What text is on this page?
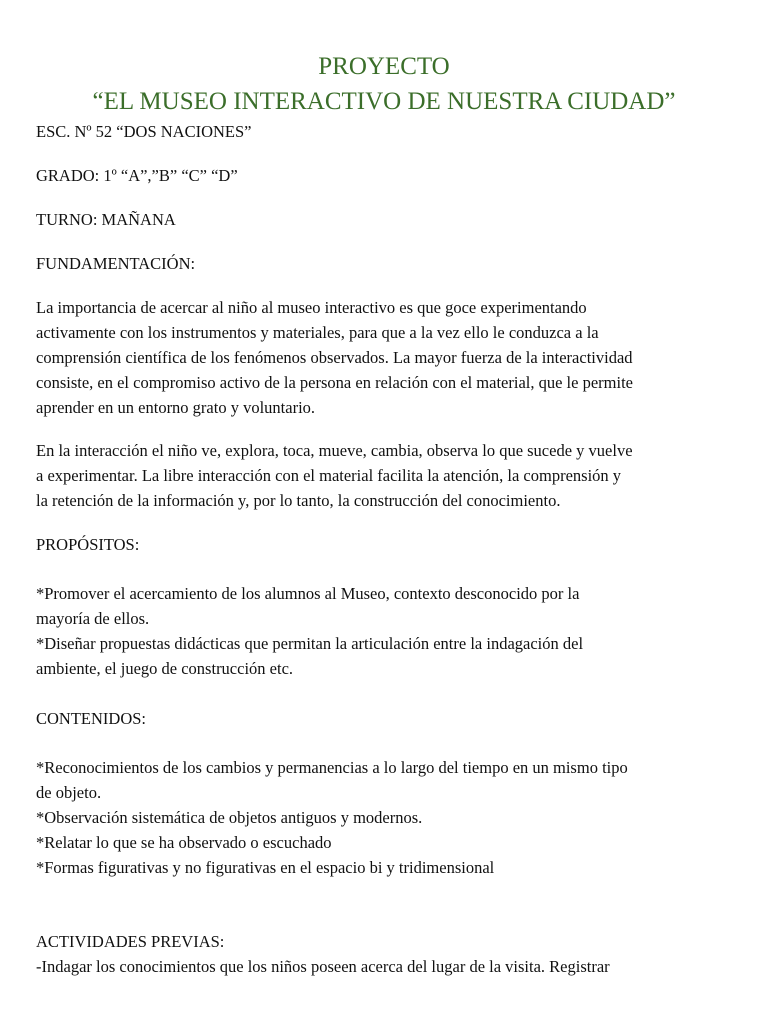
PROYECTO
“EL MUSEO INTERACTIVO DE NUESTRA CIUDAD”
ESC. Nº 52 “DOS NACIONES”
GRADO: 1º “A”,”B” “C” “D”
TURNO: MAÑANA
FUNDAMENTACIÓN:
La importancia de acercar al niño al museo interactivo es que goce experimentando
activamente con los instrumentos y materiales, para que a la vez ello le conduzca a la
comprensión científica de los fenómenos observados. La mayor fuerza de la interactividad
consiste, en el compromiso activo de la persona en relación con el material, que le permite
aprender en un entorno grato y voluntario.
En la interacción el niño ve, explora, toca, mueve, cambia, observa lo que sucede y vuelve
a experimentar. La libre interacción con el material facilita la atención, la comprensión y
la retención de la información y, por lo tanto, la construcción del conocimiento.
PROPÓSITOS:
*Promover el acercamiento de los alumnos al Museo, contexto desconocido por la
mayoría de ellos.
*Diseñar propuestas didácticas que permitan la articulación entre la indagación del
ambiente, el juego de construcción etc.
CONTENIDOS:
*Reconocimientos de los cambios y permanencias a lo largo del tiempo en un mismo tipo
de objeto.
*Observación sistemática de objetos antiguos y modernos.
*Relatar lo que se ha observado o escuchado
*Formas figurativas y no figurativas en el espacio bi y tridimensional
ACTIVIDADES PREVIAS:
-Indagar los conocimientos que los niños poseen acerca del lugar de la visita. Registrar
